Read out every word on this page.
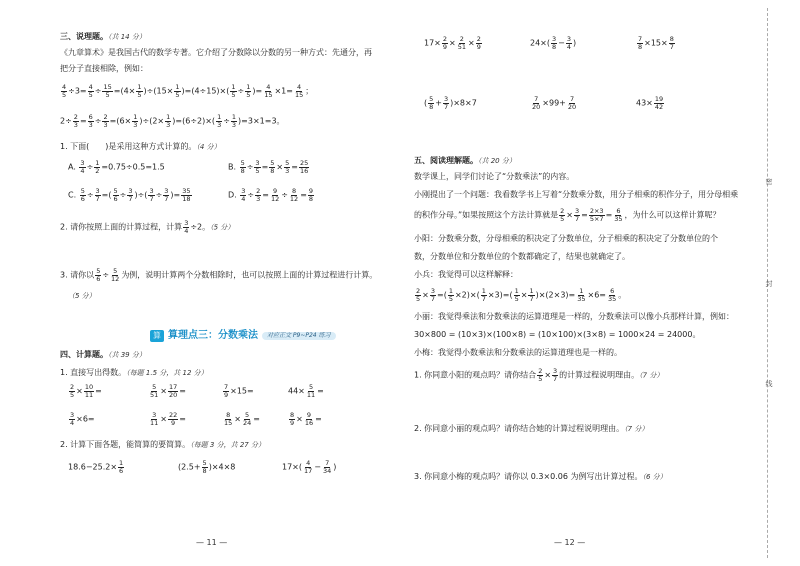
三、说理题。（共 14 分）
《九章算术》是我国古代的数学专著。它介绍了分数除以分数的另一种方式：先通分，再
把分子直接相除，例如：
$\frac{4}{5} \div 3= \frac{4}{5} \div \frac{15}{5} =(4\times \frac{1}{5} )\div(15\times \frac{1}{5} )=(4\div 15)\times( \frac{1}{5} \div \frac{1}{5}$ )= $\frac{4}{15} \times 1= \frac{4}{15}$ ；
$2\div \frac{2}{3} = \frac{6}{3} \div \frac{2}{3} =(6\times \frac{1}{3} )\div(2\times \frac{1}{3} )=(6\div 2)\times( \frac{1}{3} \div \frac{1}{3} )=3\times 1=3$。
1. 下面(　　)是采用这种方式计算的。（4 分）
A. $\frac{3}{4} \div \frac{1}{2} =0.75\div 0.5=1.5$	B. $\frac{5}{8} \div \frac{3}{5} = \frac{5}{8} \times \frac{5}{3} = \frac{25}{16}$
C. $\frac{5}{6} \div \frac{3}{7}$ =( $\frac{5}{6} \div \frac{3}{7}$ )÷( $\frac{3}{7} \div \frac{3}{7}$ )= $\frac{35}{18}$	D. $\frac{3}{4} \div \frac{2}{3} = \frac{9}{12} \div \frac{8}{12} = \frac{9}{8}$
2. 请你按照上面的计算过程，计算 $\frac{3}{4} \div 2$。（5 分）
3. 请你以 $\frac{5}{6} \div \frac{5}{12}$ 为例，说明计算两个分数相除时，也可以按照上面的计算过程进行计算。
（5 分）
算 算理点三：分数乘法	对应正文 P9~P24 练习
四、计算题。（共 39 分）
1. 直接写出得数。（每题 1.5 分，共 12 分）
$\frac{2}{5} \times \frac{10}{11}$ =	$\frac{5}{51} \times \frac{17}{20}$ =	$\frac{7}{9} \times 15=$	$44\times \frac{5}{11}$ =
$\frac{3}{4} \times 6=$	$\frac{3}{11} \times \frac{22}{9}$ =	$\frac{8}{15} \times \frac{5}{24}$ =	$\frac{8}{9} \times \frac{9}{16}$ =
2. 计算下面各题，能简算的要简算。（每题 3 分，共 27 分）
$18.6-25.2\times \frac{1}{6}$	$(2.5+ \frac{5}{8} )\times 4\times 8$	$17\times( \frac{4}{17} - \frac{7}{34}$ )
— 11 —
$17\times \frac{2}{9} \times \frac{2}{51} \times \frac{2}{9}$	$24\times( \frac{3}{8} - \frac{3}{4}$ )	$\frac{7}{8} \times 15\times \frac{8}{7}$
( $\frac{5}{8} + \frac{3}{7} )\times 8\times 7$	$\frac{7}{20} \times 99+ \frac{7}{20}$	$43\times \frac{19}{42}$
五、阅读理解题。（共 20 分）
数学课上，同学们讨论了“分数乘法”的内容。
小刚提出了一个问题：我看数学书上写着“分数乘分数，用分子相乘的积作分子，用分母相乘
的积作分母。”如果按照这个方法计算就是 $\frac{2}{5} \times \frac{3}{7} = \frac{2\times 3}{5\times 7} = \frac{6}{35}$ ，为什么可以这样计算呢？
小阳：分数乘分数，分母相乘的积决定了分数单位，分子相乘的积决定了分数单位的个
数，分数单位和分数单位的个数都确定了，结果也就确定了。
小兵：我觉得可以这样解释：
$\frac{2}{5} \times \frac{3}{7}$ =( $\frac{1}{5} \times 2)\times( \frac{1}{7} \times 3)=( \frac{1}{5} \times \frac{1}{7} )\times(2\times 3)= \frac{1}{35} \times 6= \frac{6}{35}$ 。
小丽：我觉得乘法和分数乘法的运算道理是一样的，分数乘法可以像小兵那样计算，例如：
30×800 = (10×3)×(100×8) = (10×100)×(3×8) = 1000×24 = 24000。
小梅：我觉得小数乘法和分数乘法的运算道理也是一样的。
1. 你同意小阳的观点吗？请你结合 $\frac{2}{5} \times \frac{3}{7}$ 的计算过程说明理由。（7 分）
2. 你同意小丽的观点吗？请你结合她的计算过程说明理由。（7 分）
3. 你同意小梅的观点吗？请你以 0.3×0.06 为例写出计算过程。（6 分）
— 12 —
密
封
线
